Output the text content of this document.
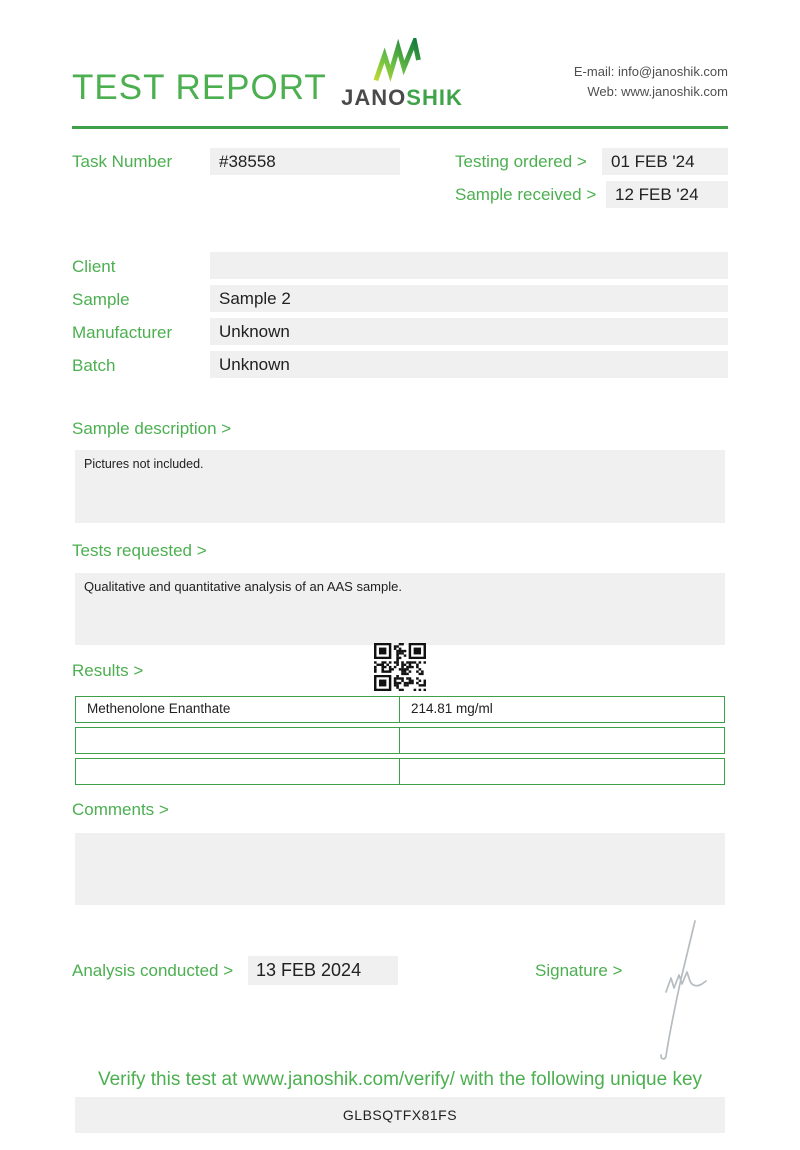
TEST REPORT JANOSHIK
E-mail: info@janoshik.com
Web: www.janoshik.com
Task Number	#38558	Testing ordered >	01 FEB '24
Sample received >	12 FEB '24
Client
Sample	Sample 2
Manufacturer	Unknown
Batch	Unknown
Sample description >
Pictures not included.
Tests requested >
Qualitative and quantitative analysis of an AAS sample.
Results >
Methenolone Enanthate	214.81 mg/ml
Comments >
Analysis conducted >	13 FEB 2024	Signature >
Verify this test at www.janoshik.com/verify/ with the following unique key
GLBSQTFX81FS
